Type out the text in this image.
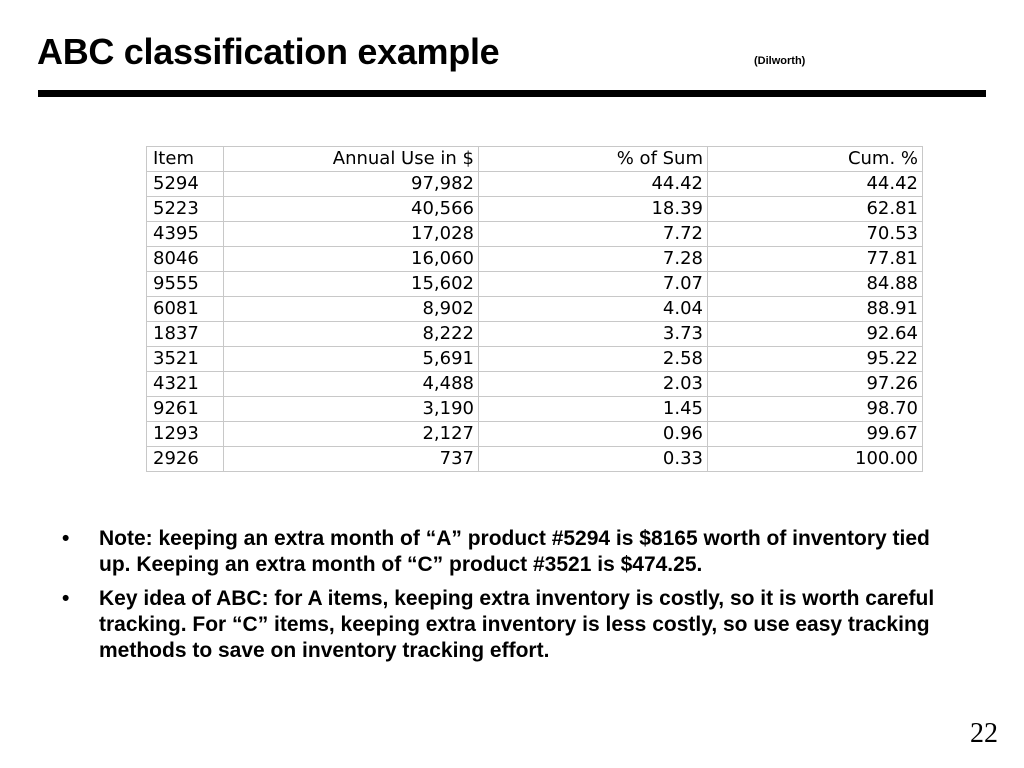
ABC classification example	(Dilworth)
Item	Annual Use in $	% of Sum	Cum. %
5294	97,982	44.42	44.42
5223	40,566	18.39	62.81
4395	17,028	7.72	70.53
8046	16,060	7.28	77.81
9555	15,602	7.07	84.88
6081	8,902	4.04	88.91
1837	8,222	3.73	92.64
3521	5,691	2.58	95.22
4321	4,488	2.03	97.26
9261	3,190	1.45	98.70
1293	2,127	0.96	99.67
2926	737	0.33	100.00
• Note: keeping an extra month of “A” product #5294 is $8165 worth of inventory tied up. Keeping an extra month of “C” product #3521 is $474.25.
• Key idea of ABC: for A items, keeping extra inventory is costly, so it is worth careful tracking. For “C” items, keeping extra inventory is less costly, so use easy tracking methods to save on inventory tracking effort.
22
